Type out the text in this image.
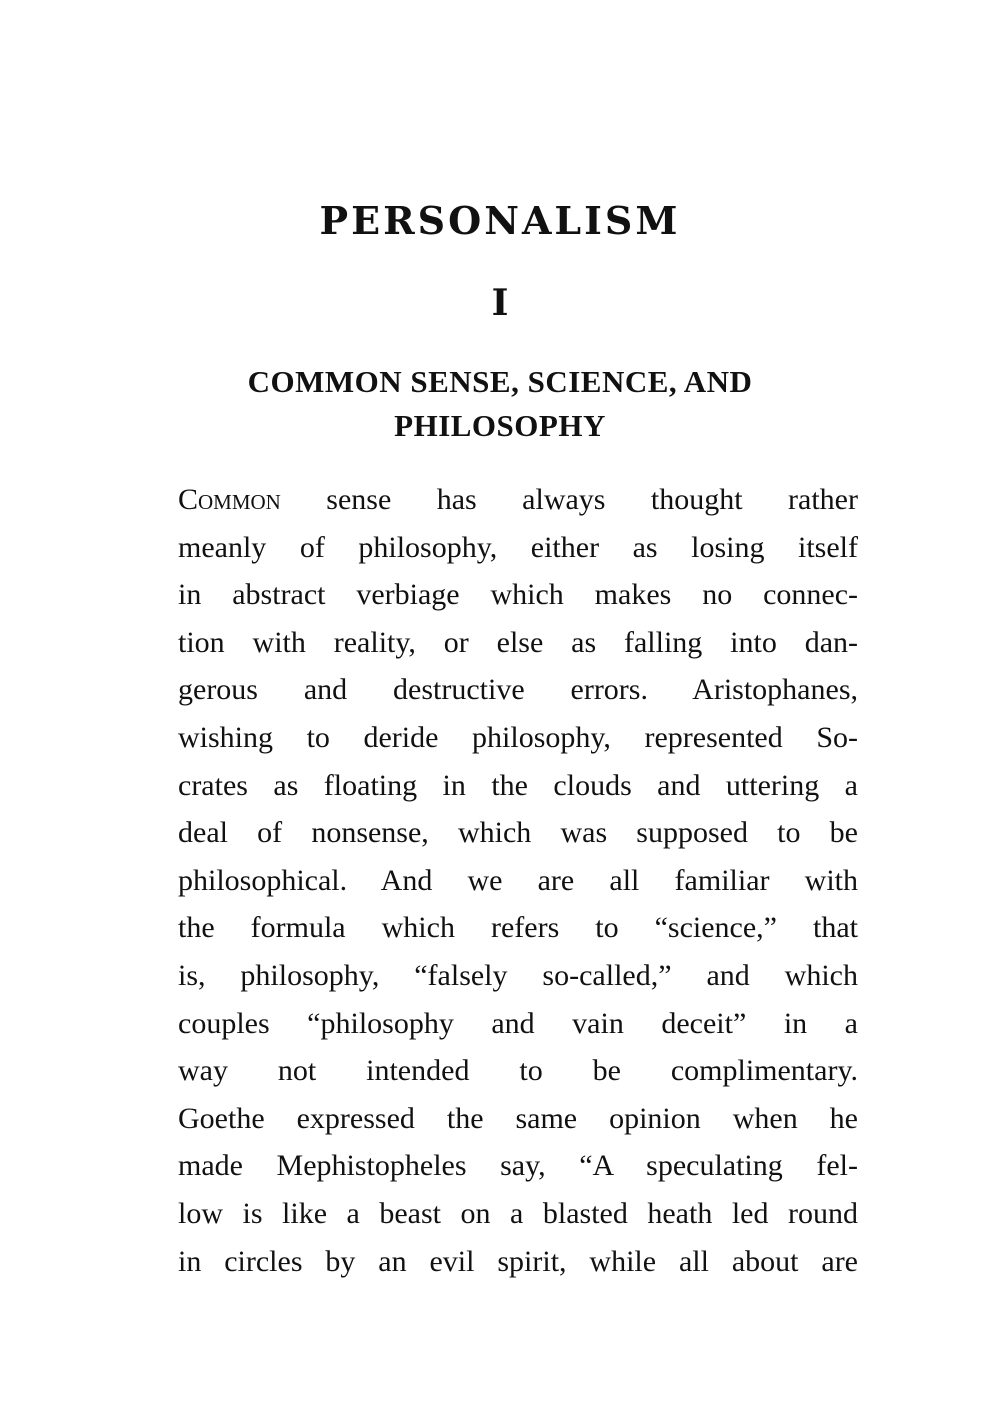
PERSONALISM
I
COMMON SENSE, SCIENCE, AND
PHILOSOPHY
Common sense has always thought rather
meanly of philosophy, either as losing itself
in abstract verbiage which makes no connec-
tion with reality, or else as falling into dan-
gerous and destructive errors. Aristophanes,
wishing to deride philosophy, represented So-
crates as floating in the clouds and uttering a
deal of nonsense, which was supposed to be
philosophical. And we are all familiar with
the formula which refers to “science,” that
is, philosophy, “falsely so-called,” and which
couples “philosophy and vain deceit” in a
way not intended to be complimentary.
Goethe expressed the same opinion when he
made Mephistopheles say, “A speculating fel-
low is like a beast on a blasted heath led round
in circles by an evil spirit, while all about are
